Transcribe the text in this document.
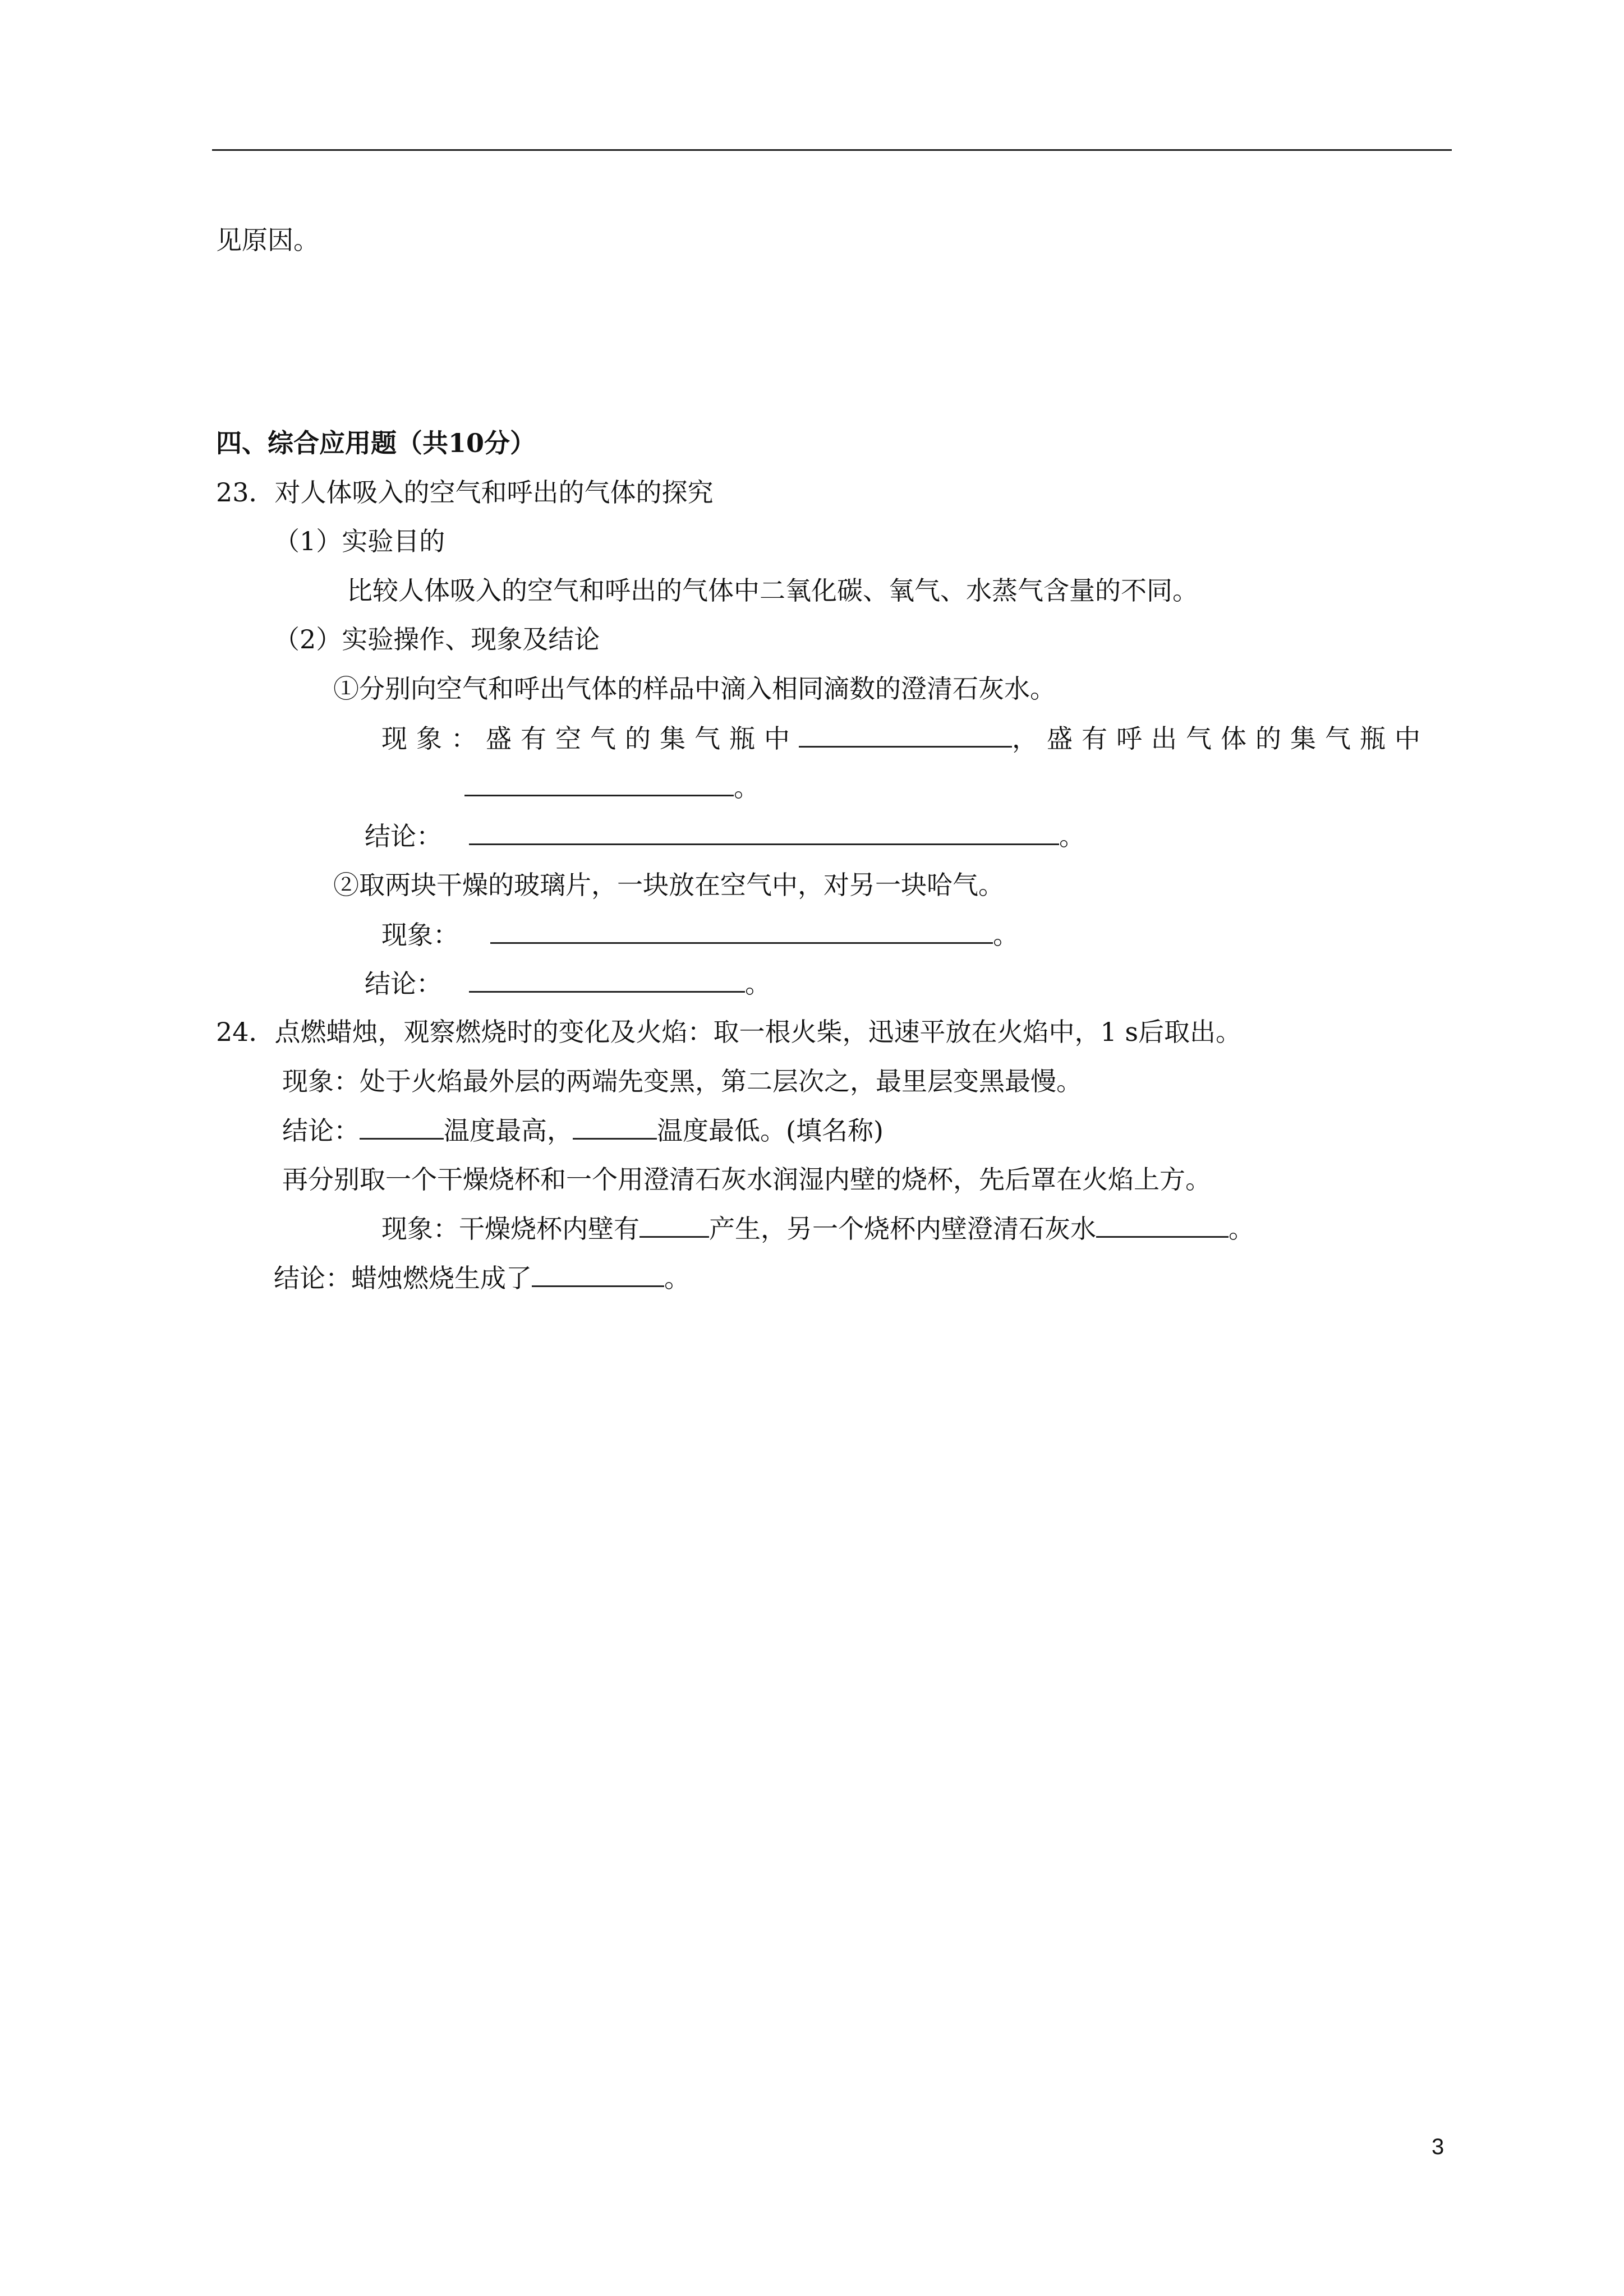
见原因。
四、综合应用题（共10分）
23．对人体吸入的空气和呼出的气体的探究
（1）实验目的
比较人体吸入的空气和呼出的气体中二氧化碳、氧气、水蒸气含量的不同。
（2）实验操作、现象及结论
①分别向空气和呼出气体的样品中滴入相同滴数的澄清石灰水。
现象：盛有空气的集气瓶中	，盛有呼出气体的集气瓶中
。
结论：	。
②取两块干燥的玻璃片，一块放在空气中，对另一块哈气。
现象：	。
结论：	。
24．点燃蜡烛，观察燃烧时的变化及火焰：取一根火柴，迅速平放在火焰中，1 s后取出。
现象：处于火焰最外层的两端先变黑，第二层次之，最里层变黑最慢。
结论：	温度最高，	温度最低。(填名称)
再分别取一个干燥烧杯和一个用澄清石灰水润湿内壁的烧杯，先后罩在火焰上方。
现象：干燥烧杯内壁有	产生，另一个烧杯内壁澄清石灰水	。
结论：蜡烛燃烧生成了	。
3
